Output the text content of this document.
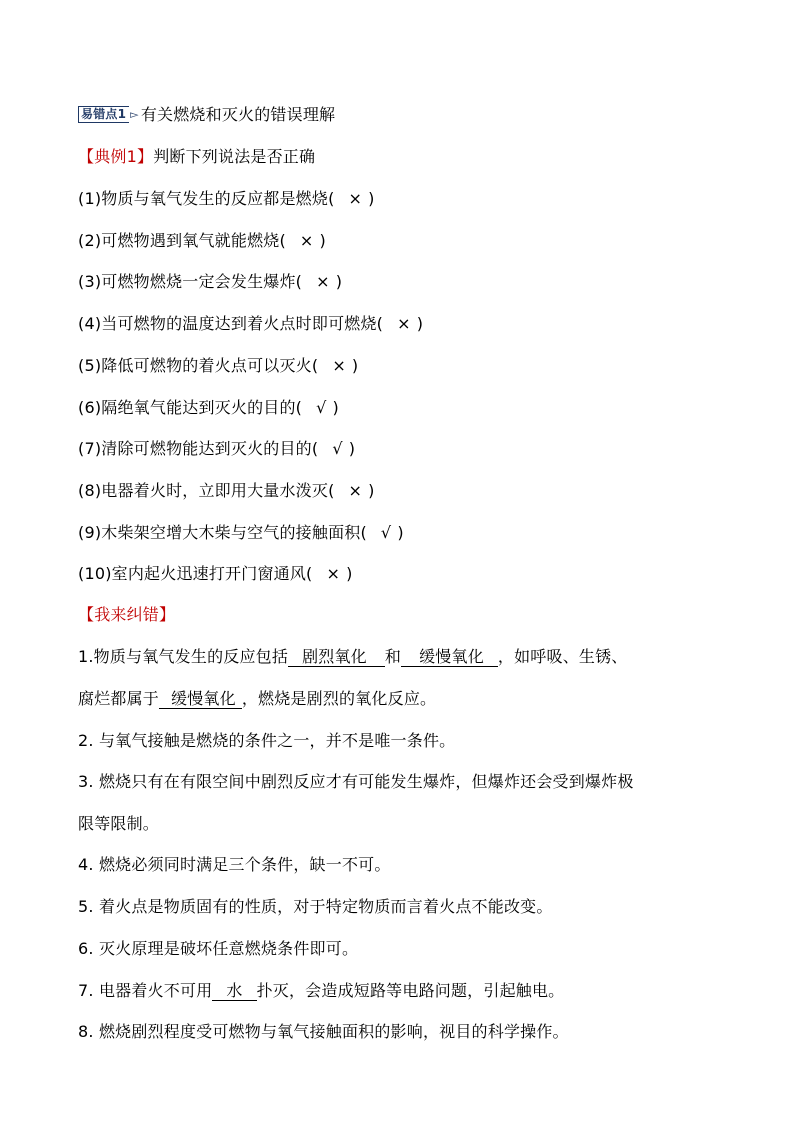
易错点1 ▻ 有关燃烧和灭火的错误理解
【典例1】判断下列说法是否正确
(1)物质与氧气发生的反应都是燃烧( × )
(2)可燃物遇到氧气就能燃烧( × )
(3)可燃物燃烧一定会发生爆炸( × )
(4)当可燃物的温度达到着火点时即可燃烧( × )
(5)降低可燃物的着火点可以灭火( × )
(6)隔绝氧气能达到灭火的目的( √ )
(7)清除可燃物能达到灭火的目的( √ )
(8)电器着火时，立即用大量水泼灭( × )
(9)木柴架空增大木柴与空气的接触面积( √ )
(10)室内起火迅速打开门窗通风( × )
【我来纠错】
1.物质与氧气发生的反应包括 剧烈氧化 和 缓慢氧化 ，如呼吸、生锈、
腐烂都属于 缓慢氧化 ，燃烧是剧烈的氧化反应。
2. 与氧气接触是燃烧的条件之一，并不是唯一条件。
3. 燃烧只有在有限空间中剧烈反应才有可能发生爆炸，但爆炸还会受到爆炸极
限等限制。
4. 燃烧必须同时满足三个条件，缺一不可。
5. 着火点是物质固有的性质，对于特定物质而言着火点不能改变。
6. 灭火原理是破坏任意燃烧条件即可。
7. 电器着火不可用 水 扑灭，会造成短路等电路问题，引起触电。
8. 燃烧剧烈程度受可燃物与氧气接触面积的影响，视目的科学操作。
